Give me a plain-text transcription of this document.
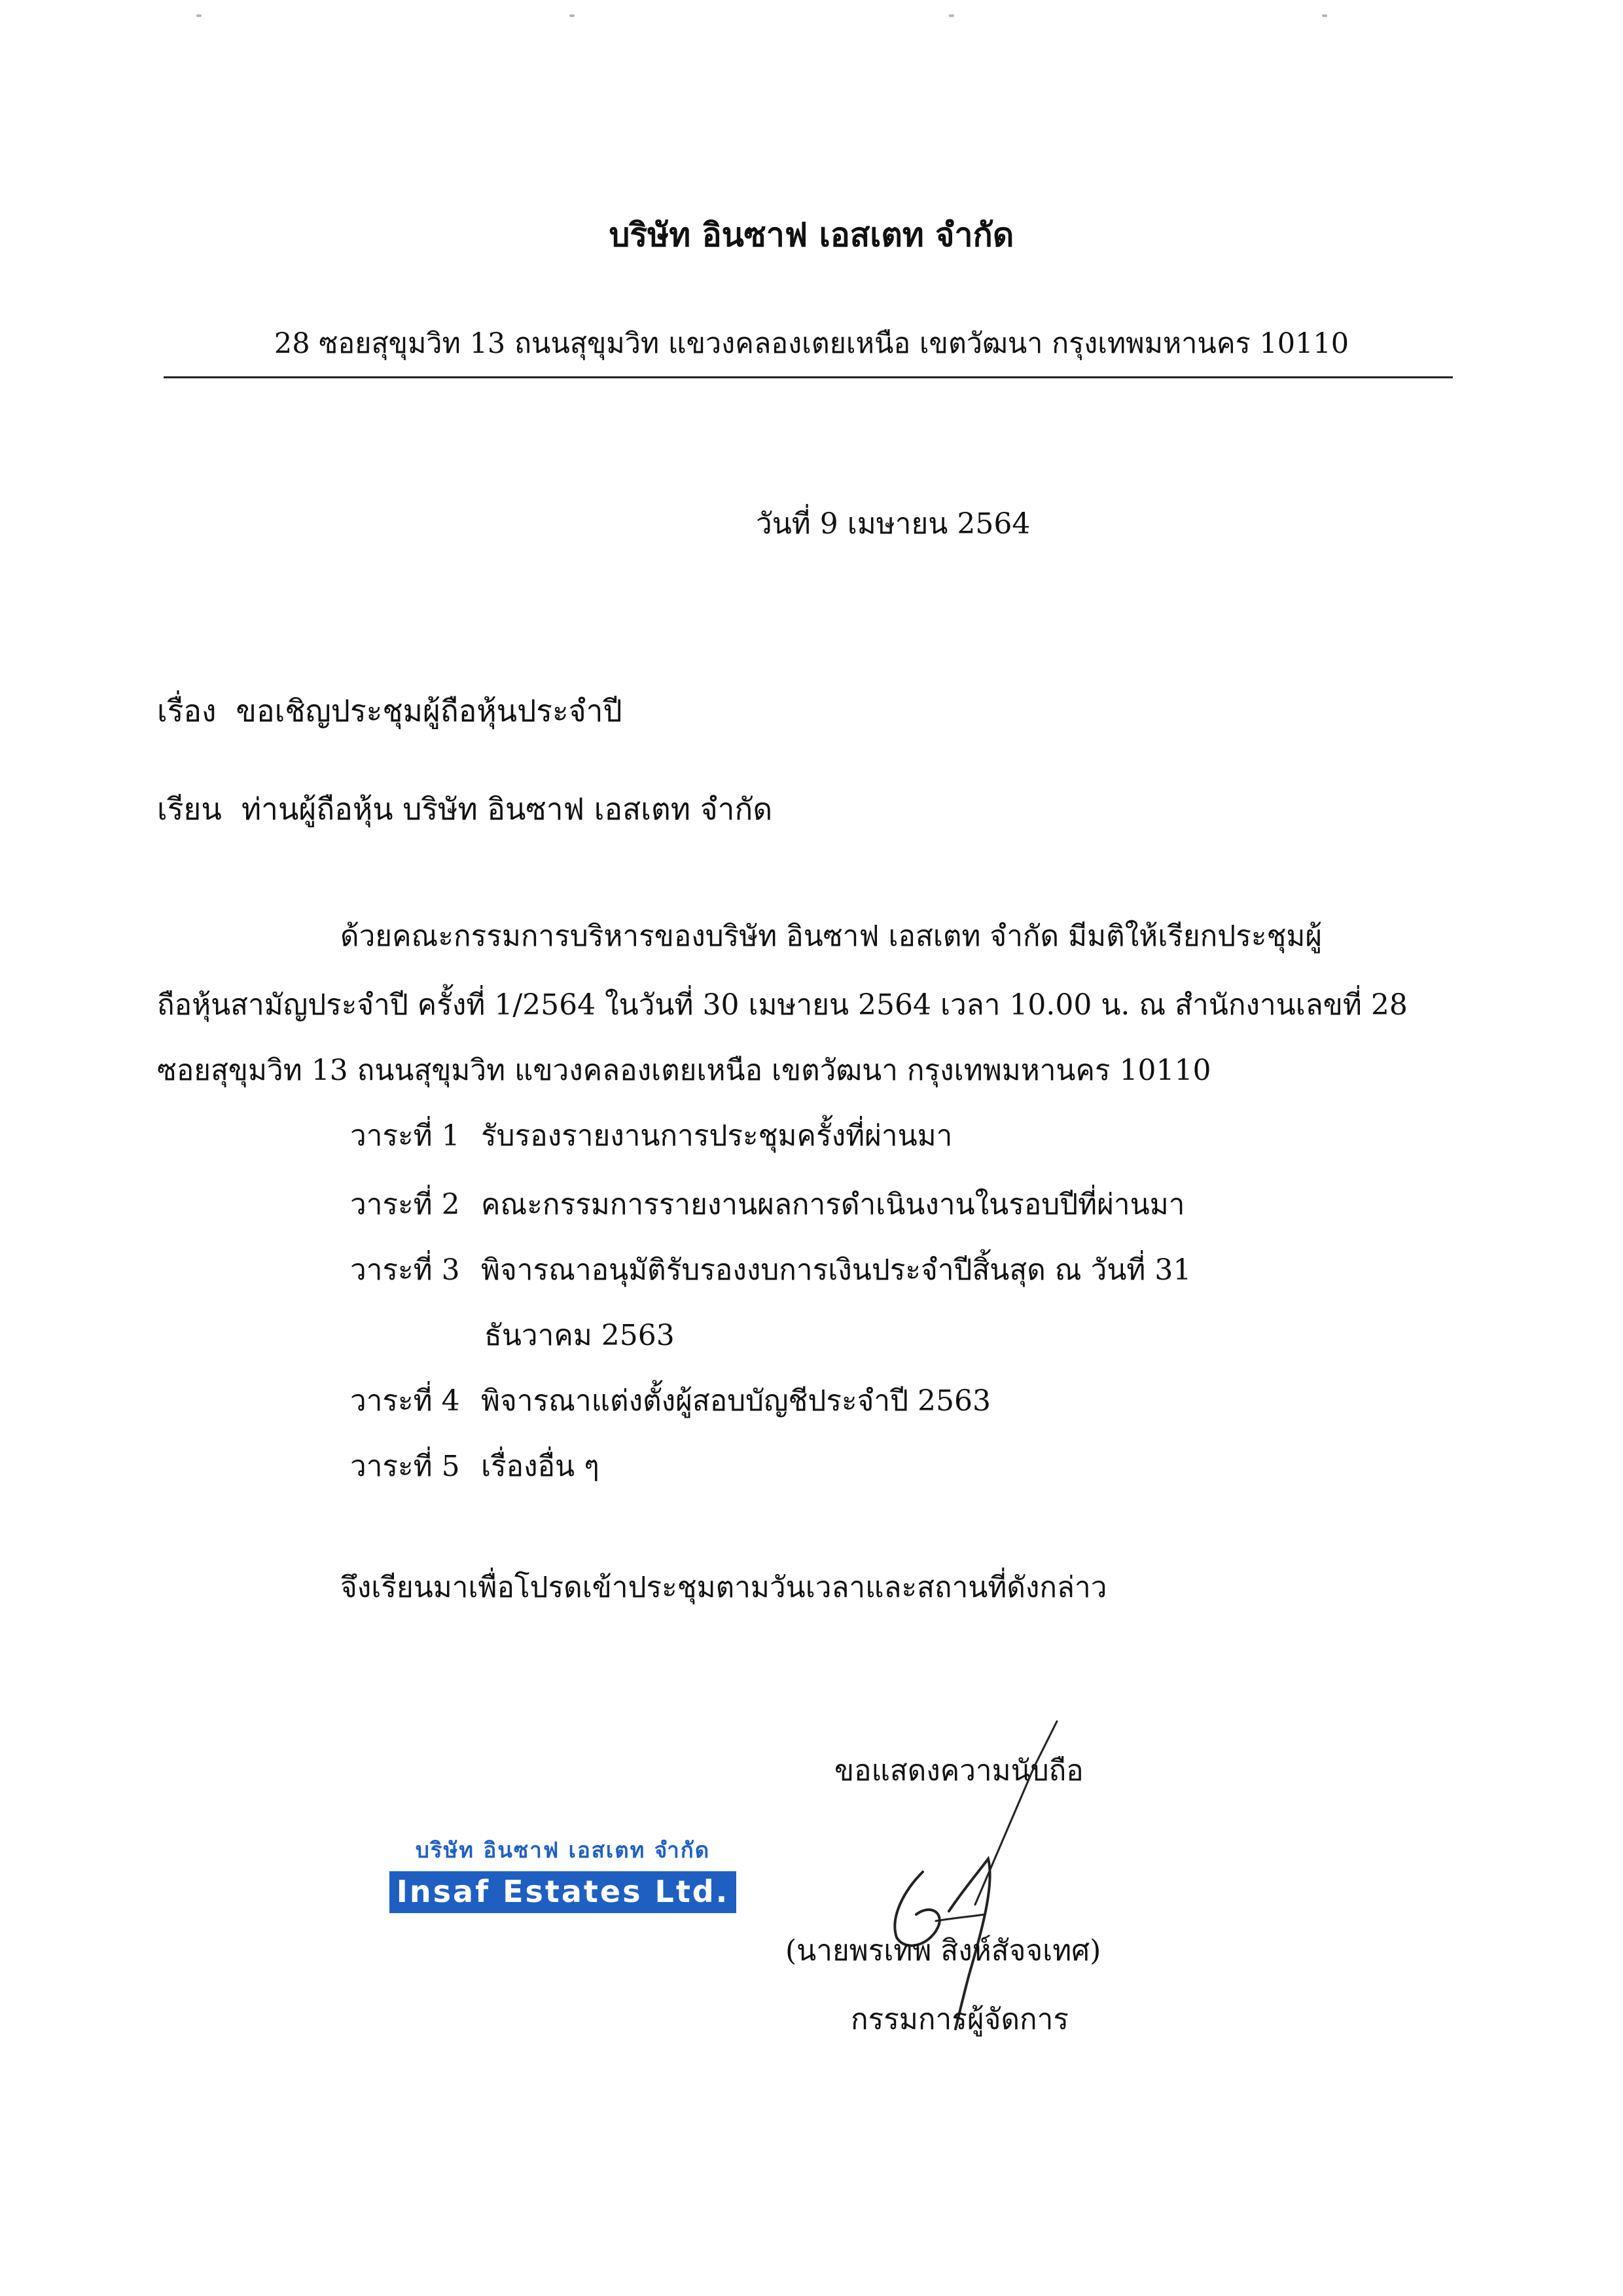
บริษัท อินซาฟ เอสเตท จำกัด
28 ซอยสุขุมวิท 13 ถนนสุขุมวิท แขวงคลองเตยเหนือ เขตวัฒนา กรุงเทพมหานคร 10110
วันที่ 9 เมษายน 2564
เรื่อง ขอเชิญประชุมผู้ถือหุ้นประจำปี
เรียน ท่านผู้ถือหุ้น บริษัท อินซาฟ เอสเตท จำกัด
ด้วยคณะกรรมการบริหารของบริษัท อินซาฟ เอสเตท จำกัด มีมติให้เรียกประชุมผู้
ถือหุ้นสามัญประจำปี ครั้งที่ 1/2564 ในวันที่ 30 เมษายน 2564 เวลา 10.00 น. ณ สำนักงานเลขที่ 28
ซอยสุขุมวิท 13 ถนนสุขุมวิท แขวงคลองเตยเหนือ เขตวัฒนา กรุงเทพมหานคร 10110
วาระที่ 1 รับรองรายงานการประชุมครั้งที่ผ่านมา
วาระที่ 2 คณะกรรมการรายงานผลการดำเนินงานในรอบปีที่ผ่านมา
วาระที่ 3 พิจารณาอนุมัติรับรองงบการเงินประจำปีสิ้นสุด ณ วันที่ 31
ธันวาคม 2563
วาระที่ 4 พิจารณาแต่งตั้งผู้สอบบัญชีประจำปี 2563
วาระที่ 5 เรื่องอื่น ๆ
จึงเรียนมาเพื่อโปรดเข้าประชุมตามวันเวลาและสถานที่ดังกล่าว
ขอแสดงความนับถือ
บริษัท อินซาฟ เอสเตท จำกัด
Insaf Estates Ltd.
(นายพรเทพ สิงห์สัจจเทศ)
กรรมการผู้จัดการ
